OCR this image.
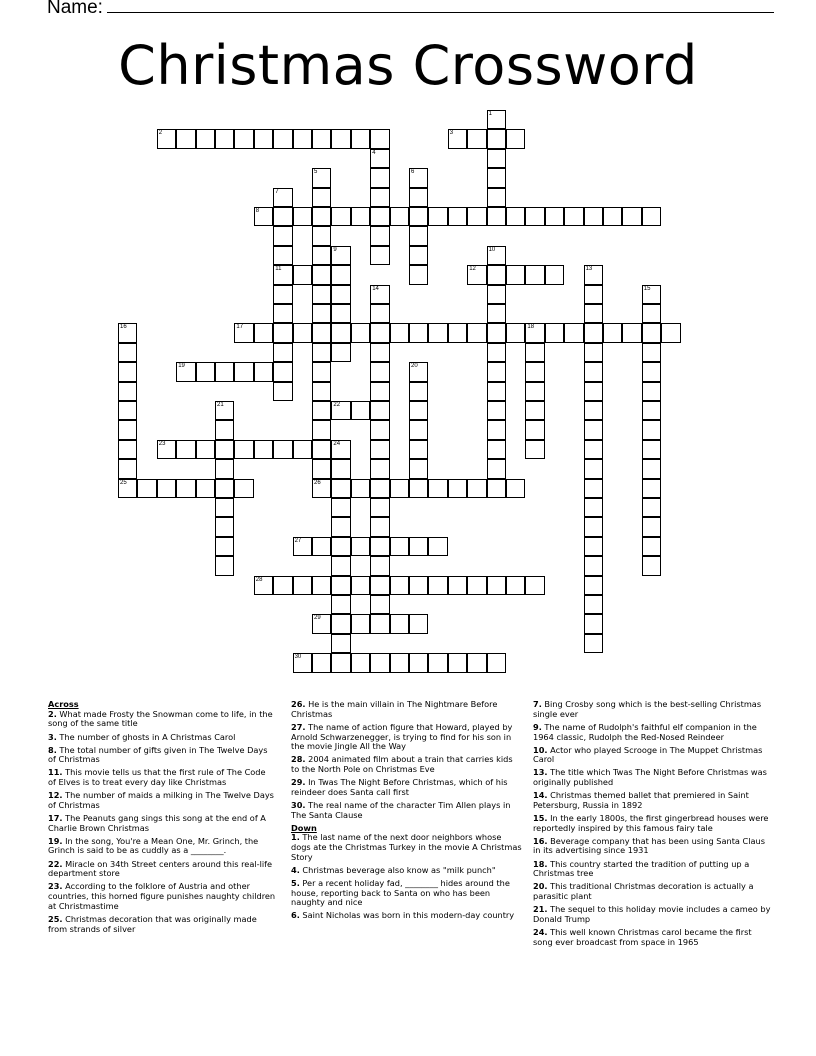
Name:
Christmas Crossword
1
2	3
4
5	6
7
11
8
9	10
12	13
14	15
16
25
17	18
19	20
21	22
23	24
26
27
28
29
30
Across
2. What made Frosty the Snowman come to life, in the song of the same title
3. The number of ghosts in A Christmas Carol
8. The total number of gifts given in The Twelve Days of Christmas
11. This movie tells us that the first rule of The Code of Elves is to treat every day like Christmas
12. The number of maids a milking in The Twelve Days of Christmas
17. The Peanuts gang sings this song at the end of A Charlie Brown Christmas
19. In the song, You're a Mean One, Mr. Grinch, the Grinch is said to be as cuddly as a ________.
22. Miracle on 34th Street centers around this real-life department store
23. According to the folklore of Austria and other countries, this horned figure punishes naughty children at Christmastime
25. Christmas decoration that was originally made from strands of silver
26. He is the main villain in The Nightmare Before Christmas
27. The name of action figure that Howard, played by Arnold Schwarzenegger, is trying to find for his son in the movie Jingle All the Way
28. 2004 animated film about a train that carries kids to the North Pole on Christmas Eve
29. In Twas The Night Before Christmas, which of his reindeer does Santa call first
30. The real name of the character Tim Allen plays in The Santa Clause
Down
1. The last name of the next door neighbors whose dogs ate the Christmas Turkey in the movie A Christmas Story
4. Christmas beverage also know as "milk punch"
5. Per a recent holiday fad, ________ hides around the house, reporting back to Santa on who has been naughty and nice
6. Saint Nicholas was born in this modern-day country
7. Bing Crosby song which is the best-selling Christmas single ever
9. The name of Rudolph's faithful elf companion in the 1964 classic, Rudolph the Red-Nosed Reindeer
10. Actor who played Scrooge in The Muppet Christmas Carol
13. The title which Twas The Night Before Christmas was originally published
14. Christmas themed ballet that premiered in Saint Petersburg, Russia in 1892
15. In the early 1800s, the first gingerbread houses were reportedly inspired by this famous fairy tale
16. Beverage company that has been using Santa Claus in its advertising since 1931
18. This country started the tradition of putting up a Christmas tree
20. This traditional Christmas decoration is actually a parasitic plant
21. The sequel to this holiday movie includes a cameo by Donald Trump
24. This well known Christmas carol became the first song ever broadcast from space in 1965
